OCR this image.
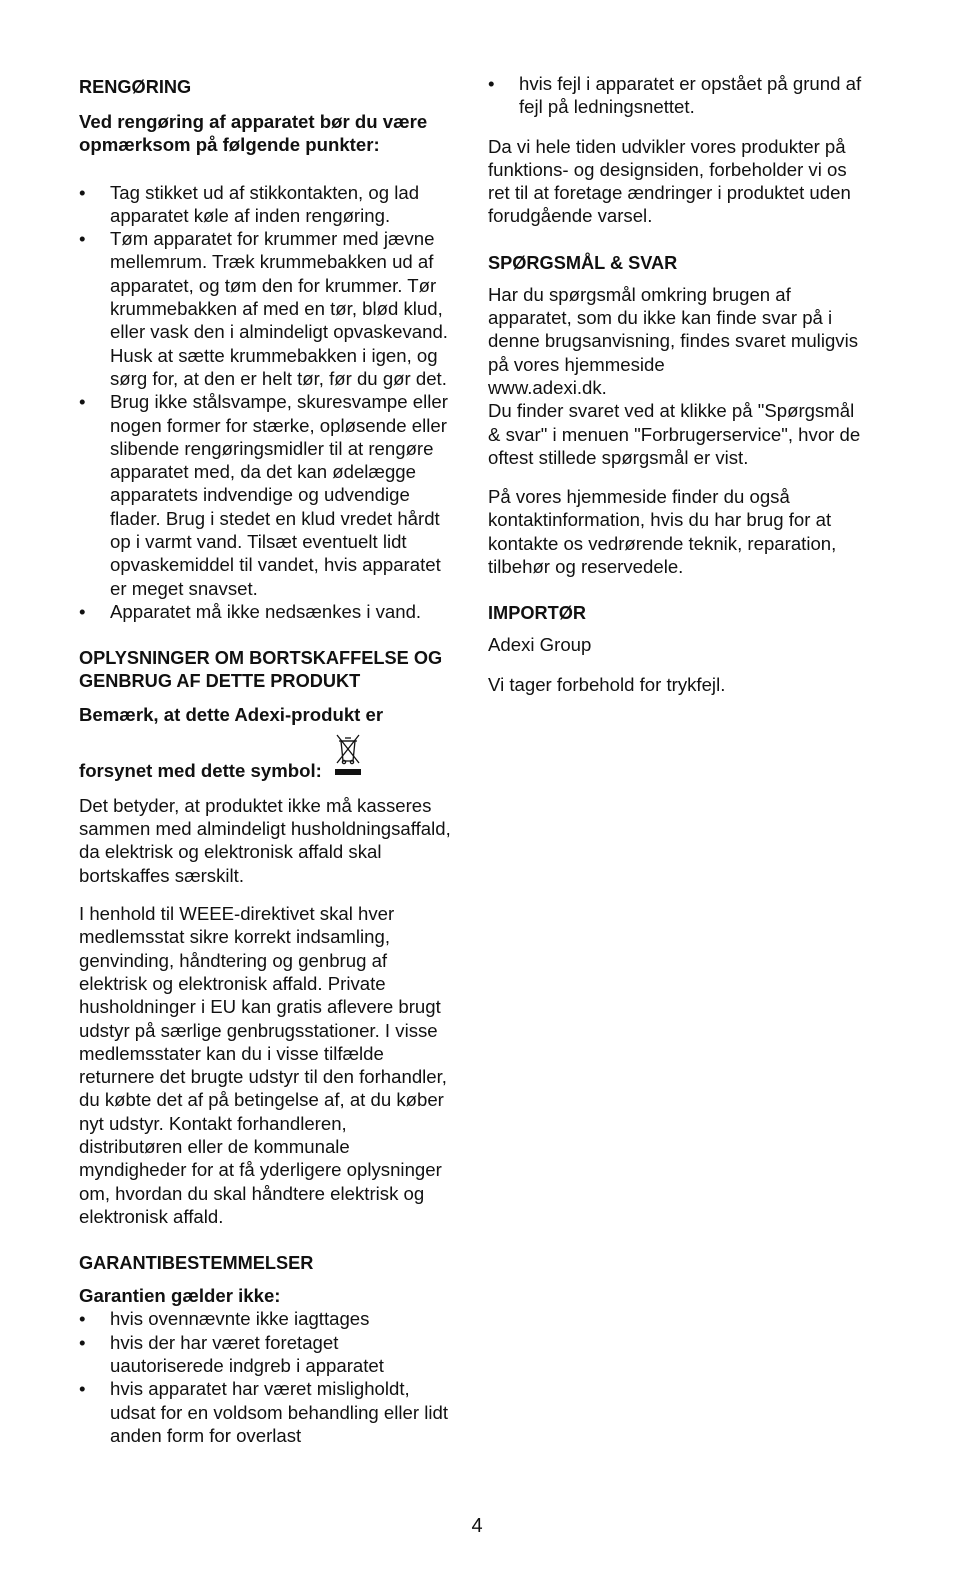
RENGØRING

Ved rengøring af apparatet bør du være opmærksom på følgende punkter:

• Tag stikket ud af stikkontakten, og lad apparatet køle af inden rengøring.
• Tøm apparatet for krummer med jævne mellemrum. Træk krummebakken ud af apparatet, og tøm den for krummer. Tør krummebakken af med en tør, blød klud, eller vask den i almindeligt opvaskevand. Husk at sætte krummebakken i igen, og sørg for, at den er helt tør, før du gør det.
• Brug ikke stålsvampe, skuresvampe eller nogen former for stærke, opløsende eller slibende rengøringsmidler til at rengøre apparatet med, da det kan ødelægge apparatets indvendige og udvendige flader. Brug i stedet en klud vredet hårdt op i varmt vand. Tilsæt eventuelt lidt opvaskemiddel til vandet, hvis apparatet er meget snavset.
• Apparatet må ikke nedsænkes i vand.
OPLYSNINGER OM BORTSKAFFELSE OG GENBRUG AF DETTE PRODUKT

Bemærk, at dette Adexi-produkt er

forsynet med dette symbol:

Det betyder, at produktet ikke må kasseres sammen med almindeligt husholdningsaffald, da elektrisk og elektronisk affald skal bortskaffes særskilt.

I henhold til WEEE-direktivet skal hver medlemsstat sikre korrekt indsamling, genvinding, håndtering og genbrug af elektrisk og elektronisk affald. Private husholdninger i EU kan gratis aflevere brugt udstyr på særlige genbrugsstationer. I visse medlemsstater kan du i visse tilfælde returnere det brugte udstyr til den forhandler, du købte det af på betingelse af, at du køber nyt udstyr. Kontakt forhandleren, distributøren eller de kommunale myndigheder for at få yderligere oplysninger om, hvordan du skal håndtere elektrisk og elektronisk affald.

GARANTIBESTEMMELSER

Garantien gælder ikke:

• hvis ovennævnte ikke iagttages
• hvis der har været foretaget uautoriserede indgreb i apparatet
• hvis apparatet har været misligholdt, udsat for en voldsom behandling eller lidt anden form for overlast
• hvis fejl i apparatet er opstået på grund af fejl på ledningsnettet.

Da vi hele tiden udvikler vores produkter på funktions- og designsiden, forbeholder vi os ret til at foretage ændringer i produktet uden forudgående varsel.

SPØRGSMÅL & SVAR

Har du spørgsmål omkring brugen af apparatet, som du ikke kan finde svar på i denne brugsanvisning, findes svaret muligvis på vores hjemmeside

www.adexi.dk.

Du finder svaret ved at klikke på "Spørgsmål & svar" i menuen "Forbrugerservice", hvor de oftest stillede spørgsmål er vist.

På vores hjemmeside finder du også kontaktinformation, hvis du har brug for at kontakte os vedrørende teknik, reparation, tilbehør og reservedele.

IMPORTØR

Adexi Group

Vi tager forbehold for trykfejl.

4
